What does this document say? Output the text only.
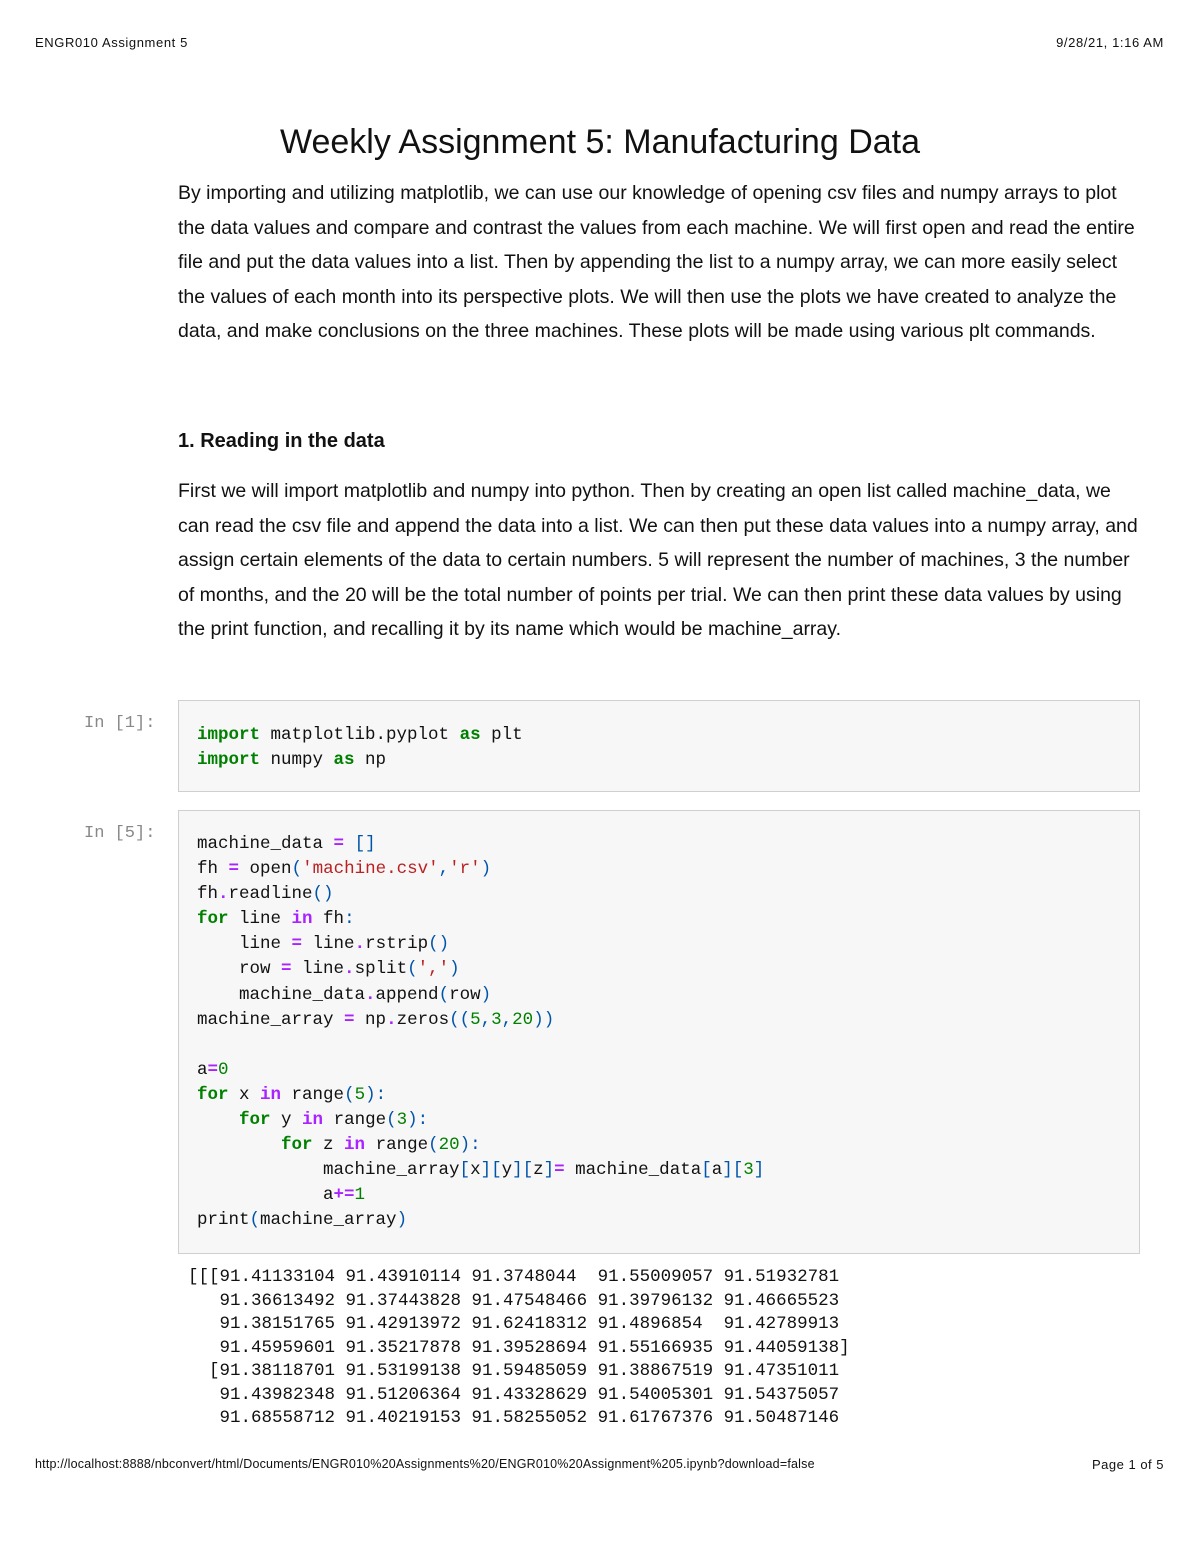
ENGR010 Assignment 5	9/28/21, 1:16 AM
Weekly Assignment 5: Manufacturing Data

By importing and utilizing matplotlib, we can use our knowledge of opening csv files and numpy arrays to plot the data values and compare and contrast the values from each machine. We will first open and read the entire file and put the data values into a list. Then by appending the list to a numpy array, we can more easily select the values of each month into its perspective plots. We will then use the plots we have created to analyze the data, and make conclusions on the three machines. These plots will be made using various plt commands.

1. Reading in the data

First we will import matplotlib and numpy into python. Then by creating an open list called machine_data, we can read the csv file and append the data into a list. We can then put these data values into a numpy array, and assign certain elements of the data to certain numbers. 5 will represent the number of machines, 3 the number of months, and the 20 will be the total number of points per trial. We can then print these data values by using the print function, and recalling it by its name which would be machine_array.

In [1]:
import matplotlib.pyplot as plt
import numpy as np
In [5]:
machine_data = []
fh = open('machine.csv','r')
fh.readline()
for line in fh:
line = line.rstrip()
row = line.split(',')
machine_data.append(row)
machine_array = np.zeros((5,3,20))

a=0
for x in range(5):
for y in range(3):
for z in range(20):
machine_array[x][y][z]= machine_data[a][3]
a+=1
print(machine_array)
[[[91.41133104 91.43910114 91.3748044  91.55009057 91.51932781
91.36613492 91.37443828 91.47548466 91.39796132 91.46665523
91.38151765 91.42913972 91.62418312 91.4896854  91.42789913
91.45959601 91.35217878 91.39528694 91.55166935 91.44059138]
[91.38118701 91.53199138 91.59485059 91.38867519 91.47351011
91.43982348 91.51206364 91.43328629 91.54005301 91.54375057
91.68558712 91.40219153 91.58255052 91.61767376 91.50487146
http://localhost:8888/nbconvert/html/Documents/ENGR010%20Assignments%20/ENGR010%20Assignment%205.ipynb?download=false	Page 1 of 5
